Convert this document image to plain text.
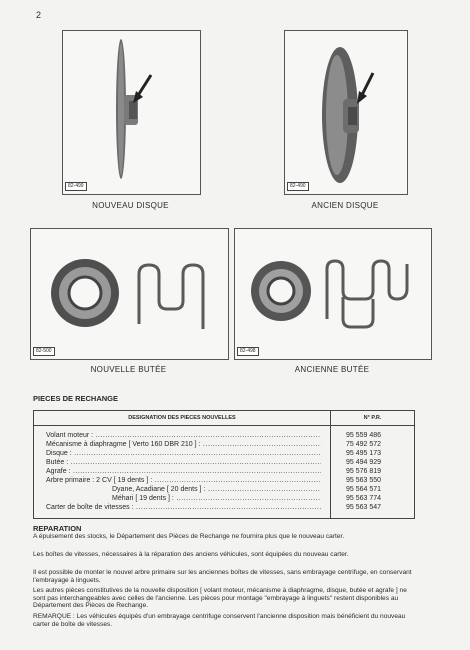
2
82-499
NOUVEAU DISQUE
82-490
ANCIEN DISQUE
82-500
NOUVELLE BUTÉE
82-498
ANCIENNE BUTÉE
PIECES DE RECHANGE
DESIGNATION DES PIECES NOUVELLES	N° P.R.
Volant moteur : .....	95 559 486
Mécanisme à diaphragme [ Verto 160 DBR 210 ] : .....	75 492 572
Disque : .....	95 495 173
Butée : .....	95 494 929
Agrafe : .....	95 576 819
Arbre primaire : 2 CV [ 19 dents ] : .....	95 563 550
Dyane, Acadiane [ 20 dents ] : .....	95 564 571
Méhari [ 19 dents ] : .....	95 563 774
Carter de boîte de vitesses : .....	95 563 547
REPARATION
A épuisement des stocks, le Département des Pièces de Rechange ne fournira plus que le nouveau carter.
Les boîtes de vitesses, nécessaires à la réparation des anciens véhicules, sont équipées du nouveau carter.
Il est possible de monter le nouvel arbre primaire sur les anciennes boîtes de vitesses, sans embrayage centrifuge, en conservant l'embrayage à linguets.
Les autres pièces constitutives de la nouvelle disposition [ volant moteur, mécanisme à diaphragme, disque, butée et agrafe ] ne sont pas interchangeables avec celles de l'ancienne. Les pièces pour montage "embrayage à linguets" restent disponibles au Département des Pièces de Rechange.
REMARQUE : Les véhicules équipés d'un embrayage centrifuge conservent l'ancienne disposition mais bénéficient du nouveau carter de boîte de vitesses.
